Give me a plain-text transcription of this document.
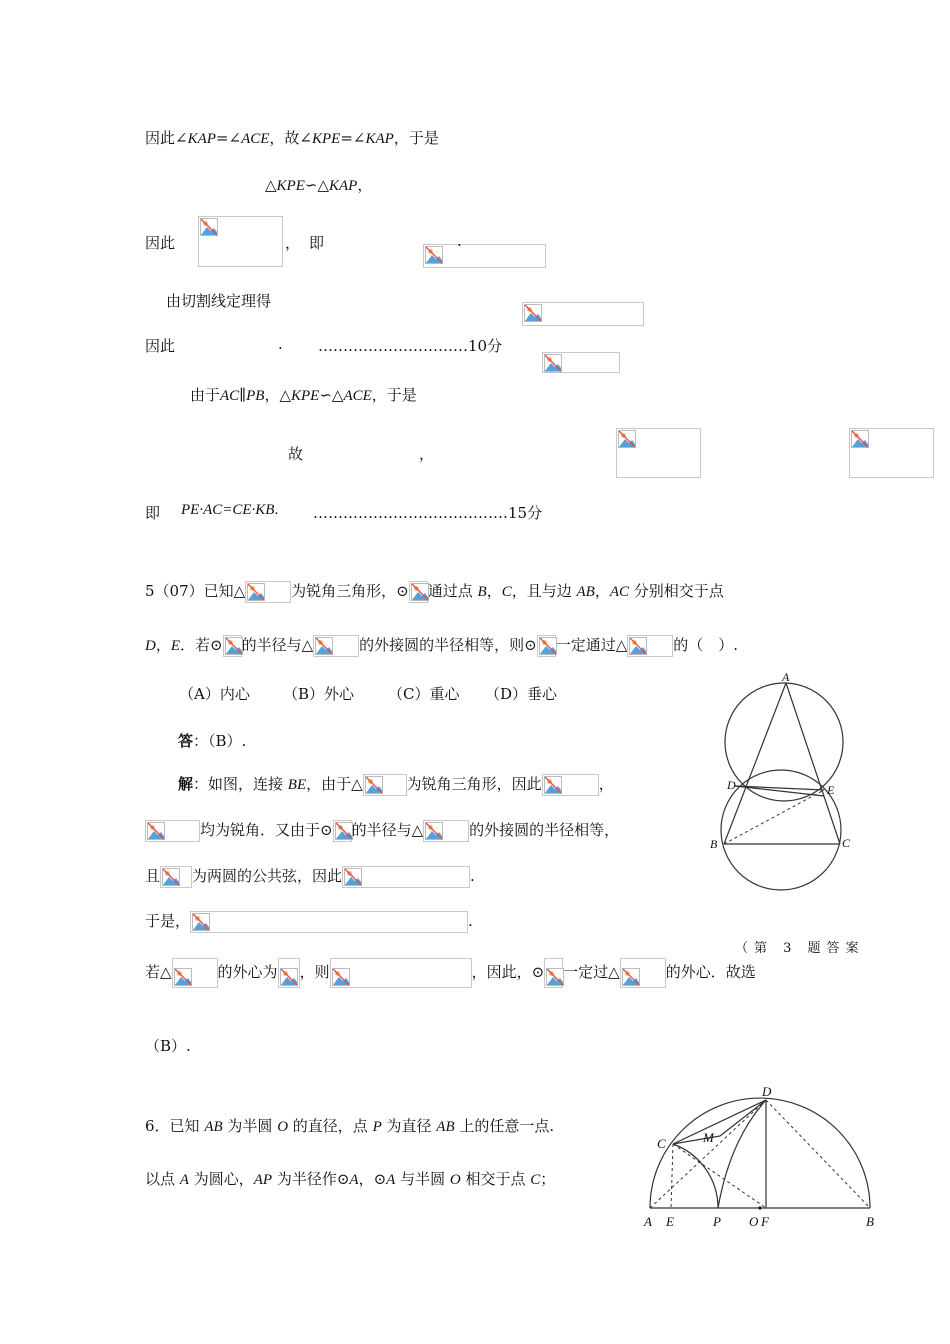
因此∠KAP=∠ACE，故∠KPE=∠KAP，于是
△KPE∽△KAP，
因此
	， 即
	.
由切割线定理得

因此
	. …………………………10分
由于AC∥PB，△KPE∽△ACE，于是

故	，
即 PE·AC=CE·KB. …………………………………15分
5（07）已知△	为锐角三角形，⊙ 通过点 B，C，且与边 AB，AC 分别相交于点
D，E．若⊙ 的半径与△	的外接圆的半径相等，则⊙ 一定通过△	的（　）.
（A）内心 （B）外心 （C）重心 （D）垂心
答：（B）.
解：如图，连接 BE，由于△	为锐角三角形，因此	，
均为锐角．又由于⊙ 的半径与△	的外接圆的半径相等，
且 为两圆的公共弦，因此	.
于是，	.
（第 3 题答案
若△	的外心为 ，则	，因此，⊙ 一定过△	的外心．故选
（B）.
A
B	C
D	E
6．已知 AB 为半圆 O 的直径，点 P 为直径 AB 上的任意一点.
以点 A 为圆心，AP 为半径作⊙A，⊙A 与半圆 O 相交于点 C；
A E	P O F	B
C	M
D
